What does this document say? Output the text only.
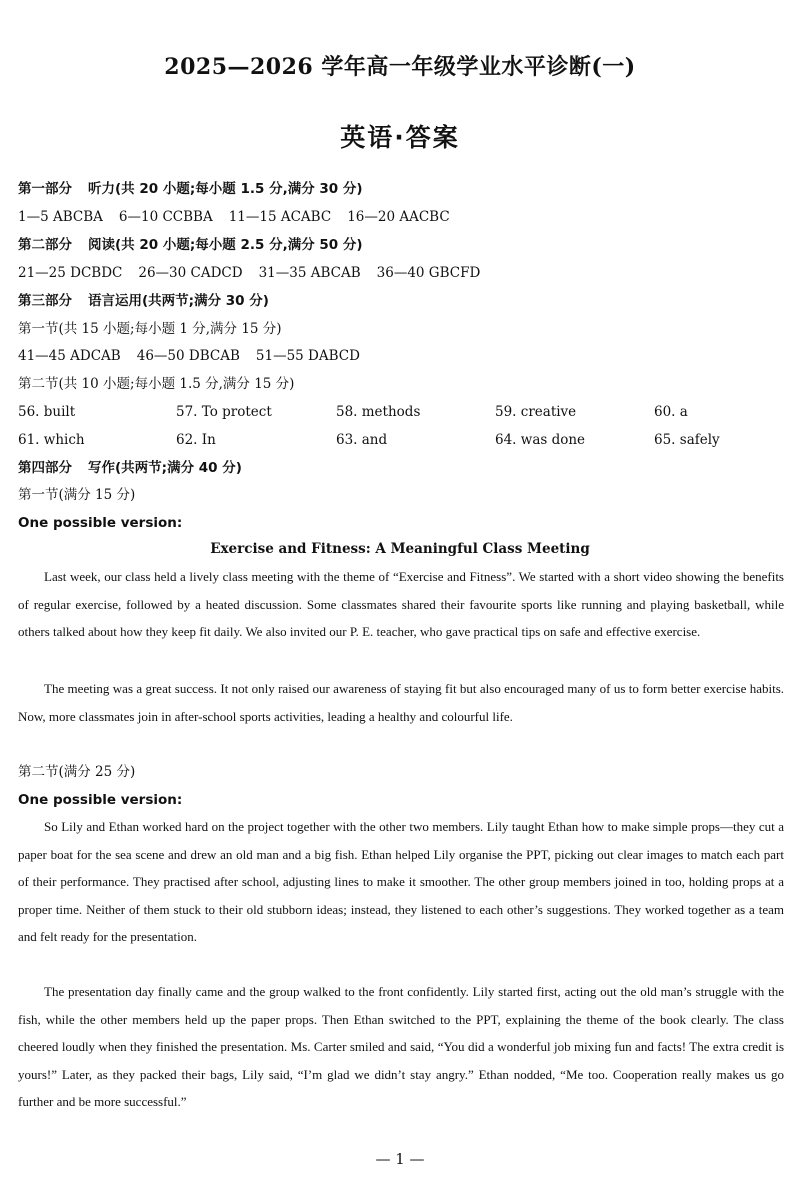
2025—2026 学年高一年级学业水平诊断(一)
英语·答案
第一部分 听力(共 20 小题;每小题 1.5 分,满分 30 分)
1—5 ABCBA 6—10 CCBBA 11—15 ACABC 16—20 AACBC
第二部分 阅读(共 20 小题;每小题 2.5 分,满分 50 分)
21—25 DCBDC 26—30 CADCD 31—35 ABCAB 36—40 GBCFD
第三部分 语言运用(共两节;满分 30 分)
第一节(共 15 小题;每小题 1 分,满分 15 分)
41—45 ADCAB 46—50 DBCAB 51—55 DABCD
第二节(共 10 小题;每小题 1.5 分,满分 15 分)
56. built	57. To protect	58. methods	59. creative	60. a
61. which	62. In	63. and	64. was done	65. safely
第四部分 写作(共两节;满分 40 分)
第一节(满分 15 分)
One possible version:
Exercise and Fitness: A Meaningful Class Meeting
Last week, our class held a lively class meeting with the theme of “Exercise and Fitness”. We started with a short video showing the benefits of regular exercise, followed by a heated discussion. Some classmates shared their favourite sports like running and playing basketball, while others talked about how they keep fit daily. We also invited our P. E. teacher, who gave practical tips on safe and effective exercise.
The meeting was a great success. It not only raised our awareness of staying fit but also encouraged many of us to form better exercise habits. Now, more classmates join in after-school sports activities, leading a healthy and colourful life.
第二节(满分 25 分)
One possible version:
So Lily and Ethan worked hard on the project together with the other two members. Lily taught Ethan how to make simple props—they cut a paper boat for the sea scene and drew an old man and a big fish. Ethan helped Lily organise the PPT, picking out clear images to match each part of their performance. They practised after school, adjusting lines to make it smoother. The other group members joined in too, holding props at a proper time. Neither of them stuck to their old stubborn ideas; instead, they listened to each other’s suggestions. They worked together as a team and felt ready for the presentation.
The presentation day finally came and the group walked to the front confidently. Lily started first, acting out the old man’s struggle with the fish, while the other members held up the paper props. Then Ethan switched to the PPT, explaining the theme of the book clearly. The class cheered loudly when they finished the presentation. Ms. Carter smiled and said, “You did a wonderful job mixing fun and facts! The extra credit is yours!” Later, as they packed their bags, Lily said, “I’m glad we didn’t stay angry.” Ethan nodded, “Me too. Cooperation really makes us go further and be more successful.”
— 1 —
